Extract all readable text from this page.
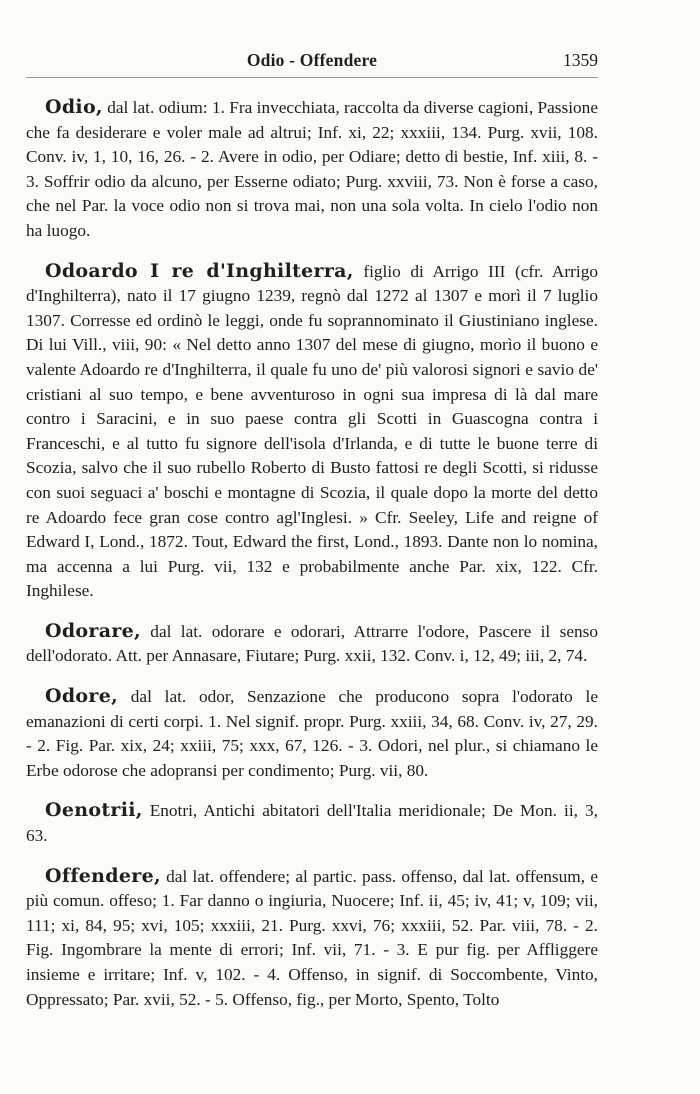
Odio - Offendere	1359

Odio, dal lat. odium: 1. Fra invecchiata, raccolta da diverse cagioni, Passione che fa desiderare e voler male ad altrui; Inf. xi, 22; xxxiii, 134. Purg. xvii, 108. Conv. iv, 1, 10, 16, 26. - 2. Avere in odio, per Odiare; detto di bestie, Inf. xiii, 8. - 3. Soffrir odio da alcuno, per Esserne odiato; Purg. xxviii, 73. Non è forse a caso, che nel Par. la voce odio non si trova mai, non una sola volta. In cielo l'odio non ha luogo.

Odoardo I re d'Inghilterra, figlio di Arrigo III (cfr. Arrigo d'Inghilterra), nato il 17 giugno 1239, regnò dal 1272 al 1307 e morì il 7 luglio 1307. Corresse ed ordinò le leggi, onde fu soprannominato il Giustiniano inglese. Di lui Vill., viii, 90: « Nel detto anno 1307 del mese di giugno, morìo il buono e valente Adoardo re d'Inghilterra, il quale fu uno de' più valorosi signori e savio de' cristiani al suo tempo, e bene avventuroso in ogni sua impresa di là dal mare contro i Saracini, e in suo paese contra gli Scotti in Guascogna contra i Franceschi, e al tutto fu signore dell'isola d'Irlanda, e di tutte le buone terre di Scozia, salvo che il suo rubello Roberto di Busto fattosi re degli Scotti, si ridusse con suoi seguaci a' boschi e montagne di Scozia, il quale dopo la morte del detto re Adoardo fece gran cose contro agl'Inglesi. » Cfr. Seeley, Life and reigne of Edward I, Lond., 1872. Tout, Edward the first, Lond., 1893. Dante non lo nomina, ma accenna a lui Purg. vii, 132 e probabilmente anche Par. xix, 122. Cfr. Inghilese.

Odorare, dal lat. odorare e odorari, Attrarre l'odore, Pascere il senso dell'odorato. Att. per Annasare, Fiutare; Purg. xxii, 132. Conv. i, 12, 49; iii, 2, 74.

Odore, dal lat. odor, Senzazione che producono sopra l'odorato le emanazioni di certi corpi. 1. Nel signif. propr. Purg. xxiii, 34, 68. Conv. iv, 27, 29. - 2. Fig. Par. xix, 24; xxiii, 75; xxx, 67, 126. - 3. Odori, nel plur., si chiamano le Erbe odorose che adopransi per condimento; Purg. vii, 80.

Oenotrii, Enotri, Antichi abitatori dell'Italia meridionale; De Mon. ii, 3, 63.

Offendere, dal lat. offendere; al partic. pass. offenso, dal lat. offensum, e più comun. offeso; 1. Far danno o ingiuria, Nuocere; Inf. ii, 45; iv, 41; v, 109; vii, 111; xi, 84, 95; xvi, 105; xxxiii, 21. Purg. xxvi, 76; xxxiii, 52. Par. viii, 78. - 2. Fig. Ingombrare la mente di errori; Inf. vii, 71. - 3. E pur fig. per Affliggere insieme e irritare; Inf. v, 102. - 4. Offenso, in signif. di Soccombente, Vinto, Oppressato; Par. xvii, 52. - 5. Offenso, fig., per Morto, Spento, Tolto
